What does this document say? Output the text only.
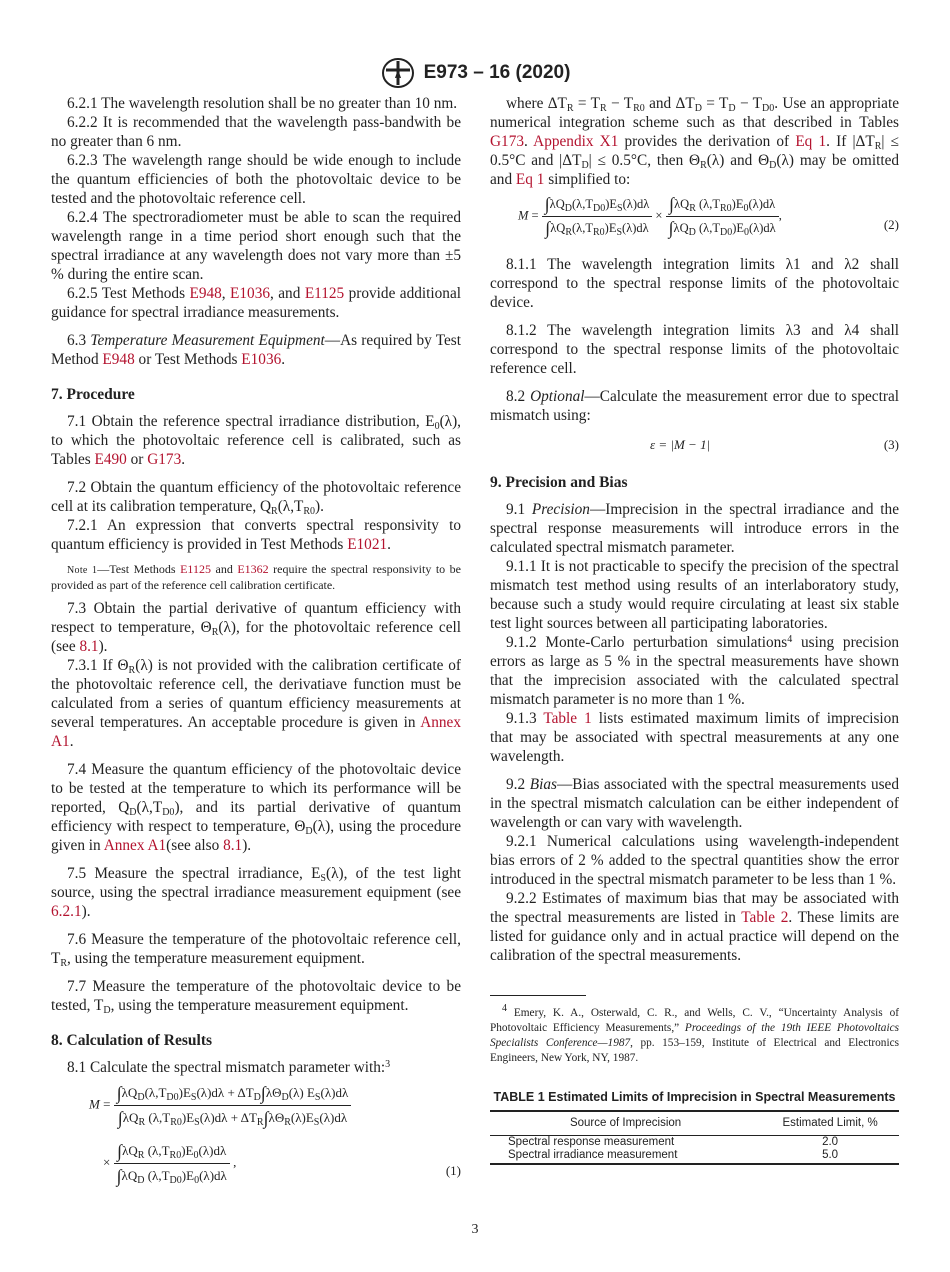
A E973 – 16 (2020)

6.2.1 The wavelength resolution shall be no greater than 10 nm.

6.2.2 It is recommended that the wavelength pass-bandwith be no greater than 6 nm.

6.2.3 The wavelength range should be wide enough to include the quantum efficiencies of both the photovoltaic device to be tested and the photovoltaic reference cell.

6.2.4 The spectroradiometer must be able to scan the required wavelength range in a time period short enough such that the spectral irradiance at any wavelength does not vary more than ±5 % during the entire scan.

6.2.5 Test Methods E948, E1036, and E1125 provide additional guidance for spectral irradiance measurements.

6.3 Temperature Measurement Equipment—As required by Test Method E948 or Test Methods E1036.

7. Procedure

7.1 Obtain the reference spectral irradiance distribution, $E_0(\lambda)$, to which the photovoltaic reference cell is calibrated, such as Tables E490 or G173.

7.2 Obtain the quantum efficiency of the photovoltaic reference cell at its calibration temperature, $Q_R(\lambda,T_{R0})$.

7.2.1 An expression that converts spectral responsivity to quantum efficiency is provided in Test Methods E1021.

Note 1—Test Methods E1125 and E1362 require the spectral responsivity to be provided as part of the reference cell calibration certificate.

7.3 Obtain the partial derivative of quantum efficiency with respect to temperature, $\Theta_R(\lambda)$, for the photovoltaic reference cell (see 8.1).

7.3.1 If $\Theta_R(\lambda)$ is not provided with the calibration certificate of the photovoltaic reference cell, the derivatiave function must be calculated from a series of quantum efficiency measurements at several temperatures. An acceptable procedure is given in Annex A1.

7.4 Measure the quantum efficiency of the photovoltaic device to be tested at the temperature to which its performance will be reported, $Q_D(\lambda,T_{D0})$, and its partial derivative of quantum efficiency with respect to temperature, $\Theta_D(\lambda)$, using the procedure given in Annex A1(see also 8.1).

7.5 Measure the spectral irradiance, $E_S(\lambda)$, of the test light source, using the spectral irradiance measurement equipment (see 6.2.1).

7.6 Measure the temperature of the photovoltaic reference cell, $T_R$, using the temperature measurement equipment.

7.7 Measure the temperature of the photovoltaic device to be tested, $T_D$, using the temperature measurement equipment.

8. Calculation of Results

8.1 Calculate the spectral mismatch parameter with:$^3$

$M = \frac{\int\lambda Q_D(\lambda,T_{D0})E_S(\lambda)d\lambda + \Delta T_D\int\lambda\Theta_D(\lambda) E_S(\lambda)d\lambda}{\int\lambda Q_R (\lambda,T_{R0})E_S(\lambda)d\lambda + \Delta T_R\int\lambda\Theta_R(\lambda)E_S(\lambda)d\lambda}$
× $\frac{\int\lambda Q_R (\lambda,T_{R0})E_0(\lambda)d\lambda}{\int\lambda Q_D (\lambda,T_{D0})E_0(\lambda)d\lambda}$ ,
(1)

where $\Delta T_R = T_R - T_{R0}$ and $\Delta T_D = T_D - T_{D0}$. Use an appropriate numerical integration scheme such as that described in Tables G173. Appendix X1 provides the derivation of Eq 1. If $|\Delta T_R| \le 0.5^\circ C$ and $|\Delta T_D| \le 0.5^\circ C$, then $\Theta_R(\lambda)$ and $\Theta_D(\lambda)$ may be omitted and Eq 1 simplified to:

$M = \frac{\int\lambda Q_D(\lambda,T_{D0})E_S(\lambda)d\lambda}{\int\lambda Q_R(\lambda,T_{R0})E_S(\lambda)d\lambda} \times \frac{\int\lambda Q_R (\lambda,T_{R0})E_0(\lambda)d\lambda}{\int\lambda Q_D (\lambda,T_{D0})E_0(\lambda)d\lambda}$ ,
(2)

8.1.1 The wavelength integration limits λ1 and λ2 shall correspond to the spectral response limits of the photovoltaic device.

8.1.2 The wavelength integration limits λ3 and λ4 shall correspond to the spectral response limits of the photovoltaic reference cell.

8.2 Optional—Calculate the measurement error due to spectral mismatch using:

ε = |M − 1|	(3)
9. Precision and Bias

9.1 Precision—Imprecision in the spectral irradiance and the spectral response measurements will introduce errors in the calculated spectral mismatch parameter.

9.1.1 It is not practicable to specify the precision of the spectral mismatch test method using results of an interlaboratory study, because such a study would require circulating at least six stable test light sources between all participating laboratories.

9.1.2 Monte-Carlo perturbation simulations$^4$ using precision errors as large as 5 % in the spectral measurements have shown that the imprecision associated with the calculated spectral mismatch parameter is no more than 1 %.

9.1.3 Table 1 lists estimated maximum limits of imprecision that may be associated with spectral measurements at any one wavelength.

9.2 Bias—Bias associated with the spectral measurements used in the spectral mismatch calculation can be either independent of wavelength or can vary with wavelength.

9.2.1 Numerical calculations using wavelength-independent bias errors of 2 % added to the spectral quantities show the error introduced in the spectral mismatch parameter to be less than 1 %.

9.2.2 Estimates of maximum bias that may be associated with the spectral measurements are listed in Table 2. These limits are listed for guidance only and in actual practice will depend on the calibration of the spectral measurements.

$^4$ Emery, K. A., Osterwald, C. R., and Wells, C. V., “Uncertainty Analysis of Photovoltaic Efficiency Measurements,” Proceedings of the 19th IEEE Photovoltaics Specialists Conference—1987, pp. 153–159, Institute of Electrical and Electronics Engineers, New York, NY, 1987.

TABLE 1 Estimated Limits of Imprecision in Spectral Measurements
Source of Imprecision	Estimated Limit, %
Spectral response measurement	2.0
Spectral irradiance measurement	5.0
3
